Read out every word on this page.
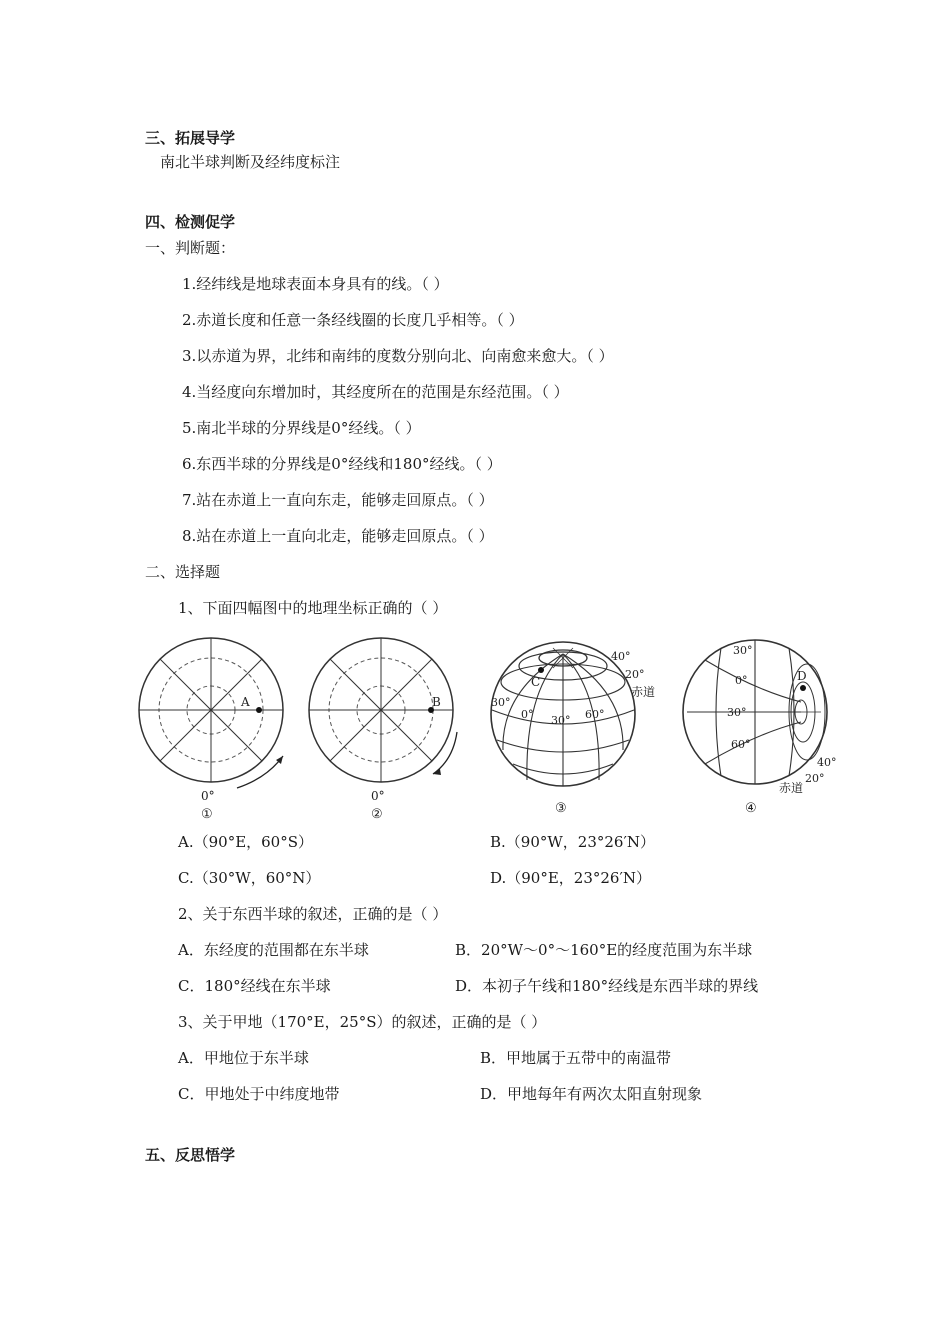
三、拓展导学
南北半球判断及经纬度标注
四、检测促学
一、判断题：
1.经纬线是地球表面本身具有的线。（ ）
2.赤道长度和任意一条经线圈的长度几乎相等。（ ）
3.以赤道为界，北纬和南纬的度数分别向北、向南愈来愈大。（ ）
4.当经度向东增加时，其经度所在的范围是东经范围。（ ）
5.南北半球的分界线是0°经线。（ ）
6.东西半球的分界线是0°经线和180°经线。（ ）
7.站在赤道上一直向东走，能够走回原点。（ ）
8.站在赤道上一直向北走，能够走回原点。（ ）
二、选择题
1、下面四幅图中的地理坐标正确的（ ）
A
0°
①
B
0°
②
C
40°
20°
赤道
30°
0° 30° 60°
③
D
30°
0°
30°
60°
40°
20°
赤道
④
A.（90°E，60°S）	B.（90°W，23°26′N）
C.（30°W，60°N）	D.（90°E，23°26′N）
2、关于东西半球的叙述，正确的是（ ）
A．东经度的范围都在东半球	B．20°W～0°～160°E的经度范围为东半球
C．180°经线在东半球	D．本初子午线和180°经线是东西半球的界线
3、关于甲地（170°E，25°S）的叙述，正确的是（ ）
A．甲地位于东半球	B．甲地属于五带中的南温带
C．甲地处于中纬度地带	D．甲地每年有两次太阳直射现象
五、反思悟学
